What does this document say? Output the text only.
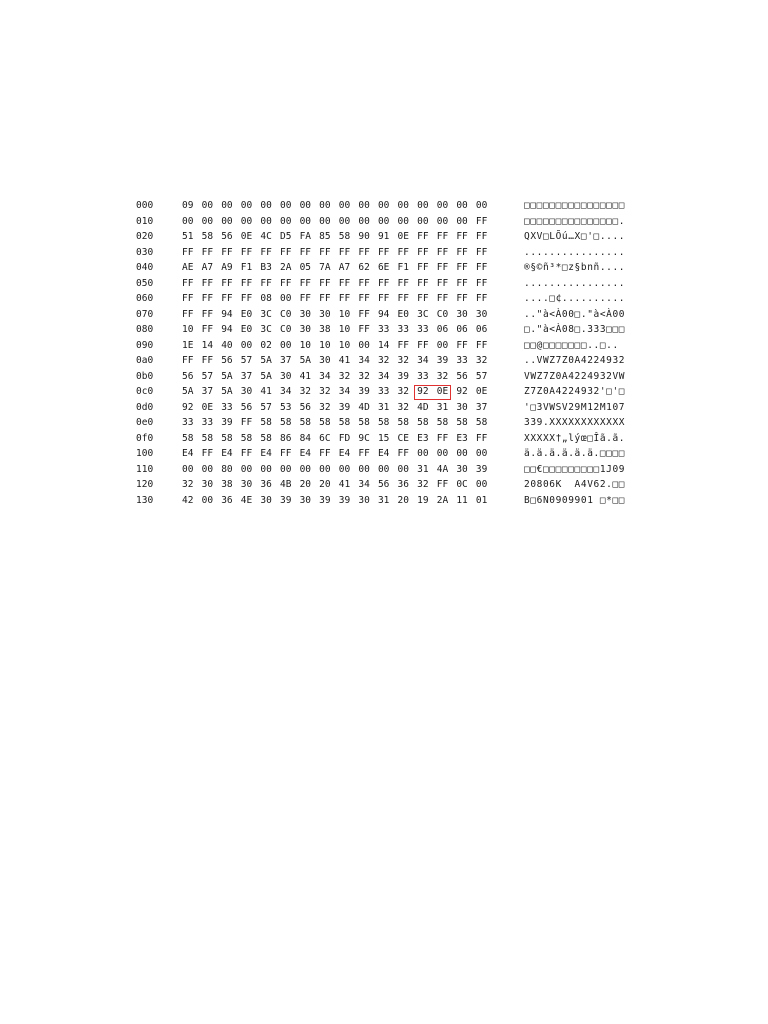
000	09 00 00 00 00 00 00 00 00 00 00 00 00 00 00 00	□□□□□□□□□□□□□□□□
010	00 00 00 00 00 00 00 00 00 00 00 00 00 00 00 FF	□□□□□□□□□□□□□□□.
020	51 58 56 0E 4C D5 FA 85 58 90 91 0E FF FF FF FF	QXV□LÕú…X□'□....
030	FF FF FF FF FF FF FF FF FF FF FF FF FF FF FF FF	................
040	AE A7 A9 F1 B3 2A 05 7A A7 62 6E F1 FF FF FF FF	®§©ñ³*□z§bnñ....
050	FF FF FF FF FF FF FF FF FF FF FF FF FF FF FF FF	................
060	FF FF FF FF 08 00 FF FF FF FF FF FF FF FF FF FF	....□¢..........
070	FF FF 94 E0 3C C0 30 30 10 FF 94 E0 3C C0 30 30	.."à<À00□."à<À00
080	10 FF 94 E0 3C C0 30 38 10 FF 33 33 33 06 06 06	□."à<À08□.333□□□
090	1E 14 40 00 02 00 10 10 10 00 14 FF FF 00 FF FF	□□@□□□□□□□..□..
0a0	FF FF 56 57 5A 37 5A 30 41 34 32 32 34 39 33 32	..VWZ7Z0A4224932
0b0	56 57 5A 37 5A 30 41 34 32 32 34 39 33 32 56 57	VWZ7Z0A4224932VW
0c0	5A 37 5A 30 41 34 32 32 34 39 33 32 92 0E 92 0E	Z7Z0A4224932'□'□
0d0	92 0E 33 56 57 53 56 32 39 4D 31 32 4D 31 30 37	'□3VWSV29M12M107
0e0	33 33 39 FF 58 58 58 58 58 58 58 58 58 58 58 58	339.XXXXXXXXXXXX
0f0	58 58 58 58 58 86 84 6C FD 9C 15 CE E3 FF E3 FF	XXXXX†„lýœ□Îã.ã.
100	E4 FF E4 FF E4 FF E4 FF E4 FF E4 FF 00 00 00 00	ä.ä.ä.ä.ä.ä.□□□□
110	00 00 80 00 00 00 00 00 00 00 00 00 31 4A 30 39	□□€□□□□□□□□□1J09
120	32 30 38 30 36 4B 20 20 41 34 56 36 32 FF 0C 00	20806K  A4V62.□□
130	42 00 36 4E 30 39 30 39 39 30 31 20 19 2A 11 01	B□6N0909901 □*□□
